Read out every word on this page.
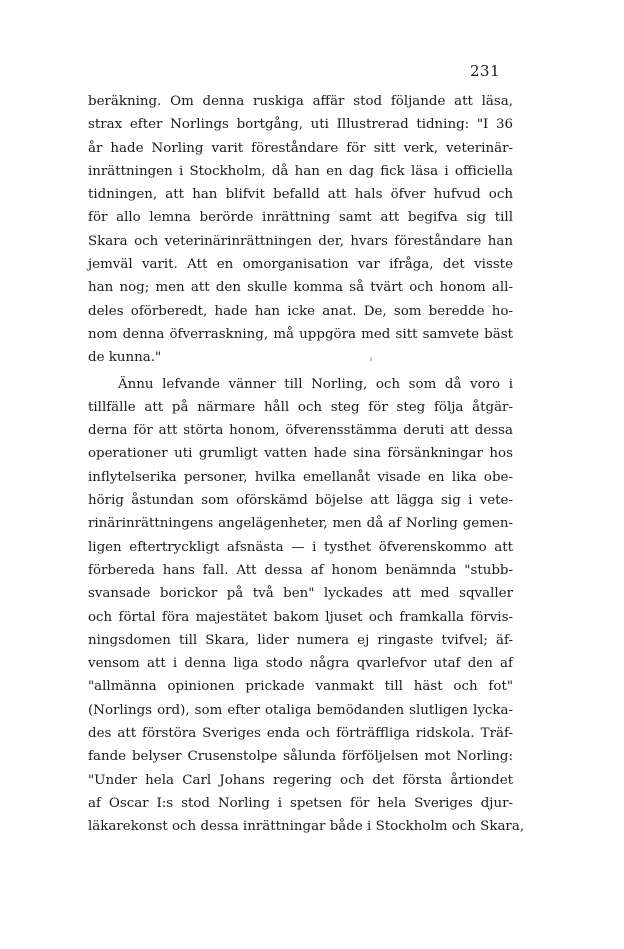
231
beräkning. Om denna ruskiga affär stod följande att läsa,
strax efter Norlings bortgång, uti Illustrerad tidning: "I 36
år hade Norling varit föreståndare för sitt verk, veterinär-
inrättningen i Stockholm, då han en dag fick läsa i officiella
tidningen, att han blifvit befalld att hals öfver hufvud och
för allo lemna berörde inrättning samt att begifva sig till
Skara och veterinärinrättningen der, hvars föreståndare han
jemväl varit. Att en omorganisation var ifråga, det visste
han nog; men att den skulle komma så tvärt och honom all-
deles oförberedt, hade han icke anat. De, som beredde ho-
nom denna öfverraskning, må uppgöra med sitt samvete bäst
de kunna."
Ännu lefvande vänner till Norling, och som då voro i
tillfälle att på närmare håll och steg för steg följa åtgär-
derna för att störta honom, öfverensstämma deruti att dessa
operationer uti grumligt vatten hade sina försänkningar hos
inflytelserika personer, hvilka emellanåt visade en lika obe-
hörig åstundan som oförskämd böjelse att lägga sig i vete-
rinärinrättningens angelägenheter, men då af Norling gemen-
ligen eftertryckligt afsnästa — i tysthet öfverenskommo att
förbereda hans fall. Att dessa af honom benämnda "stubb-
svansade borickor på två ben" lyckades att med sqvaller
och förtal föra majestätet bakom ljuset och framkalla förvis-
ningsdomen till Skara, lider numera ej ringaste tvifvel; äf-
vensom att i denna liga stodo några qvarlefvor utaf den af
"allmänna opinionen prickade vanmakt till häst och fot"
(Norlings ord), som efter otaliga bemödanden slutligen lycka-
des att förstöra Sveriges enda och förträffliga ridskola. Träf-
fande belyser Crusenstolpe sålunda förföljelsen mot Norling:
"Under hela Carl Johans regering och det första årtiondet
af Oscar I:s stod Norling i spetsen för hela Sveriges djur-
läkarekonst och dessa inrättningar både i Stockholm och Skara,
